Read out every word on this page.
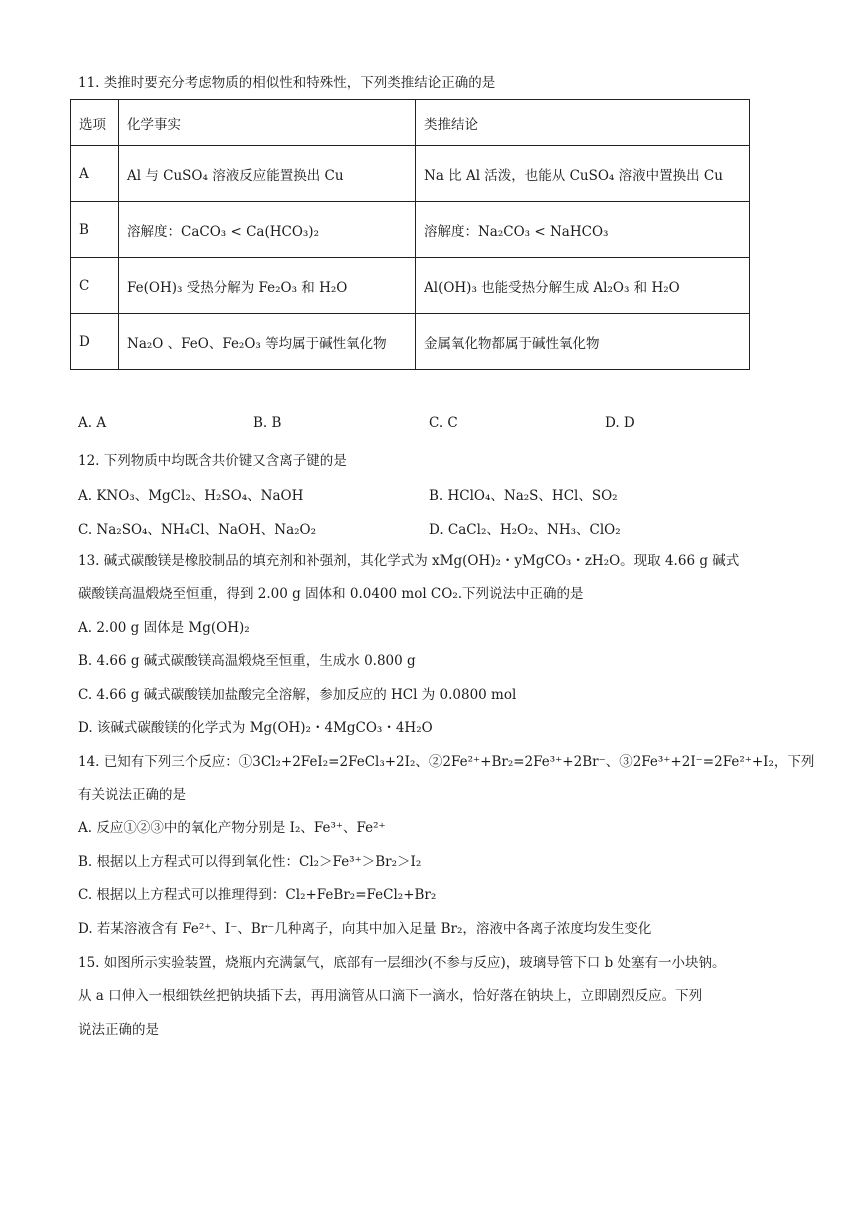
11. 类推时要充分考虑物质的相似性和特殊性，下列类推结论正确的是
选项	化学事实	类推结论
A	Al 与 CuSO₄ 溶液反应能置换出 Cu	Na 比 Al 活泼，也能从 CuSO₄ 溶液中置换出 Cu
B	溶解度：CaCO₃ < Ca(HCO₃)₂	溶解度：Na₂CO₃ < NaHCO₃
C	Fe(OH)₃ 受热分解为 Fe₂O₃ 和 H₂O	Al(OH)₃ 也能受热分解生成 Al₂O₃ 和 H₂O
D	Na₂O 、FeO、Fe₂O₃ 等均属于碱性氧化物	金属氧化物都属于碱性氧化物
A. A	B. B	C. C	D. D
12. 下列物质中均既含共价键又含离子键的是
A. KNO₃、MgCl₂、H₂SO₄、NaOH	B. HClO₄、Na₂S、HCl、SO₂
C. Na₂SO₄、NH₄Cl、NaOH、Na₂O₂	D. CaCl₂、H₂O₂、NH₃、ClO₂
13. 碱式碳酸镁是橡胶制品的填充剂和补强剂，其化学式为 xMg(OH)₂・yMgCO₃・zH₂O。现取 4.66 g 碱式
碳酸镁高温煅烧至恒重，得到 2.00 g 固体和 0.0400 mol CO₂.下列说法中正确的是
A. 2.00 g 固体是 Mg(OH)₂
B. 4.66 g 碱式碳酸镁高温煅烧至恒重，生成水 0.800 g
C. 4.66 g 碱式碳酸镁加盐酸完全溶解，参加反应的 HCl 为 0.0800 mol
D. 该碱式碳酸镁的化学式为 Mg(OH)₂・4MgCO₃・4H₂O
14. 已知有下列三个反应：①3Cl₂+2FeI₂=2FeCl₃+2I₂、②2Fe²⁺+Br₂=2Fe³⁺+2Br⁻、③2Fe³⁺+2I⁻=2Fe²⁺+I₂，下列
有关说法正确的是
A. 反应①②③中的氧化产物分别是 I₂、Fe³⁺、Fe²⁺
B. 根据以上方程式可以得到氧化性：Cl₂＞Fe³⁺＞Br₂＞I₂
C. 根据以上方程式可以推理得到：Cl₂+FeBr₂=FeCl₂+Br₂
D. 若某溶液含有 Fe²⁺、I⁻、Br⁻几种离子，向其中加入足量 Br₂，溶液中各离子浓度均发生变化
15. 如图所示实验装置，烧瓶内充满氯气，底部有一层细沙(不参与反应)，玻璃导管下口 b 处塞有一小块钠。
从 a 口伸入一根细铁丝把钠块插下去，再用滴管从口滴下一滴水，恰好落在钠块上，立即剧烈反应。下列
说法正确的是
